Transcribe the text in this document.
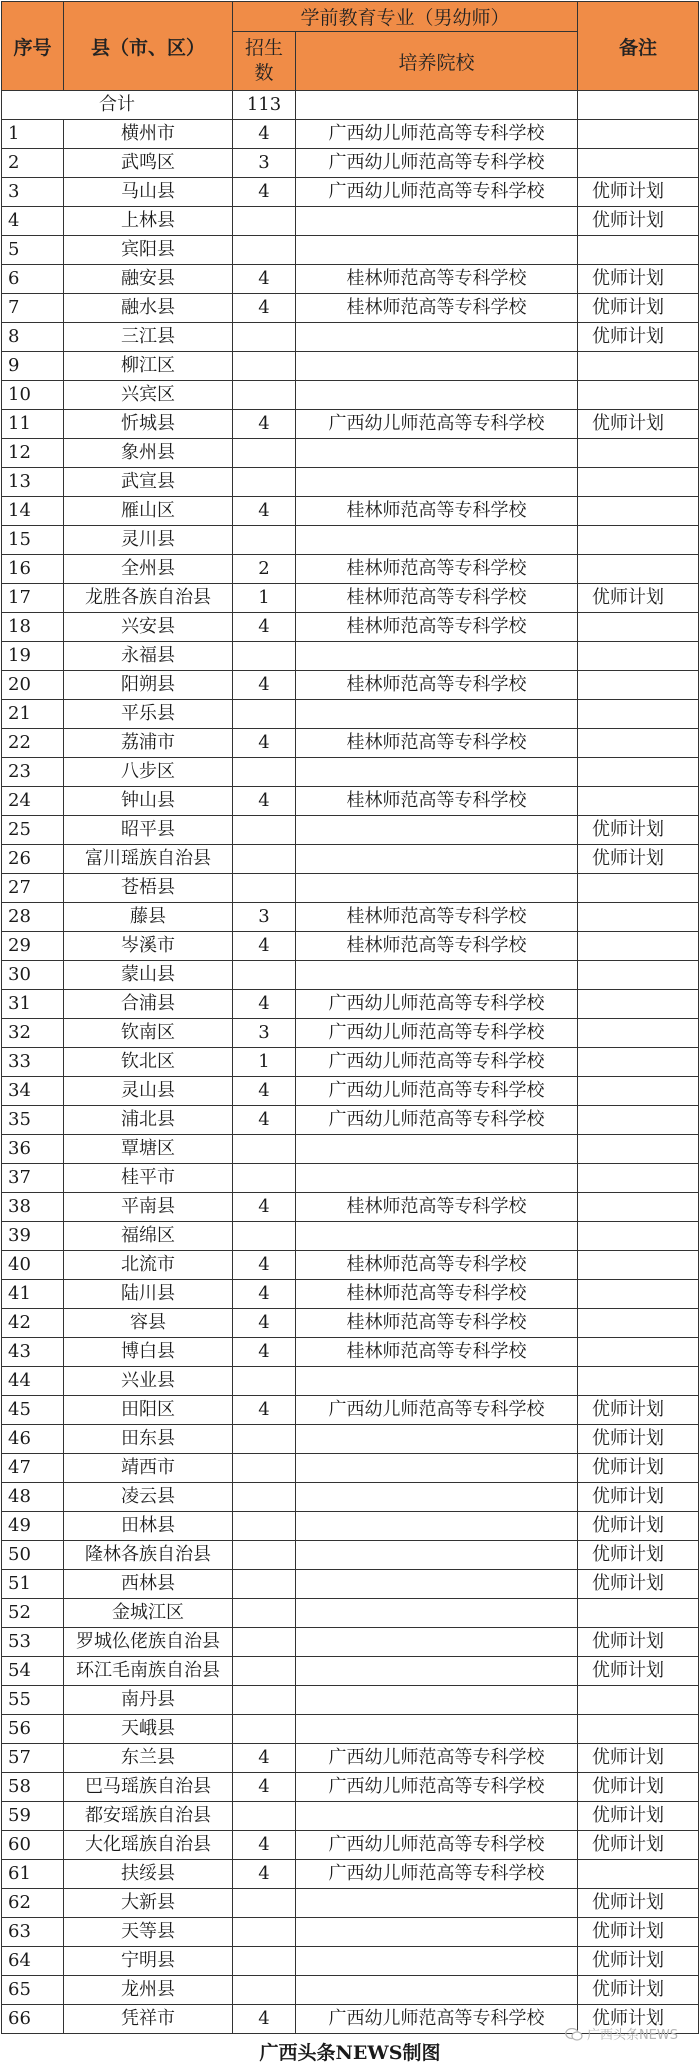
序号	县（市、区）	学前教育专业（男幼师）		备注
		招生
数	培养院校	
合计		113		
1	横州市	4	广西幼儿师范高等专科学校	
2	武鸣区	3	广西幼儿师范高等专科学校	
3	马山县	4	广西幼儿师范高等专科学校	优师计划
4	上林县			优师计划
5	宾阳县			
6	融安县	4	桂林师范高等专科学校	优师计划
7	融水县	4	桂林师范高等专科学校	优师计划
8	三江县			优师计划
9	柳江区			
10	兴宾区			
11	忻城县	4	广西幼儿师范高等专科学校	优师计划
12	象州县			
13	武宣县			
14	雁山区	4	桂林师范高等专科学校	
15	灵川县			
16	全州县	2	桂林师范高等专科学校	
17	龙胜各族自治县	1	桂林师范高等专科学校	优师计划
18	兴安县	4	桂林师范高等专科学校	
19	永福县			
20	阳朔县	4	桂林师范高等专科学校	
21	平乐县			
22	荔浦市	4	桂林师范高等专科学校	
23	八步区			
24	钟山县	4	桂林师范高等专科学校	
25	昭平县			优师计划
26	富川瑶族自治县			优师计划
27	苍梧县			
28	藤县	3	桂林师范高等专科学校	
29	岑溪市	4	桂林师范高等专科学校	
30	蒙山县			
31	合浦县	4	广西幼儿师范高等专科学校	
32	钦南区	3	广西幼儿师范高等专科学校	
33	钦北区	1	广西幼儿师范高等专科学校	
34	灵山县	4	广西幼儿师范高等专科学校	
35	浦北县	4	广西幼儿师范高等专科学校	
36	覃塘区			
37	桂平市			
38	平南县	4	桂林师范高等专科学校	
39	福绵区			
40	北流市	4	桂林师范高等专科学校	
41	陆川县	4	桂林师范高等专科学校	
42	容县	4	桂林师范高等专科学校	
43	博白县	4	桂林师范高等专科学校	
44	兴业县			
45	田阳区	4	广西幼儿师范高等专科学校	优师计划
46	田东县			优师计划
47	靖西市			优师计划
48	凌云县			优师计划
49	田林县			优师计划
50	隆林各族自治县			优师计划
51	西林县			优师计划
52	金城江区			
53	罗城仫佬族自治县			优师计划
54	环江毛南族自治县			优师计划
55	南丹县			
56	天峨县			
57	东兰县	4	广西幼儿师范高等专科学校	优师计划
58	巴马瑶族自治县	4	广西幼儿师范高等专科学校	优师计划
59	都安瑶族自治县			优师计划
60	大化瑶族自治县	4	广西幼儿师范高等专科学校	优师计划
61	扶绥县	4	广西幼儿师范高等专科学校	
62	大新县			优师计划
63	天等县			优师计划
64	宁明县			优师计划
65	龙州县			优师计划
66	凭祥市	4	广西幼儿师范高等专科学校	优师计划
广西头条NEWS制图				
广西头条NEWS
